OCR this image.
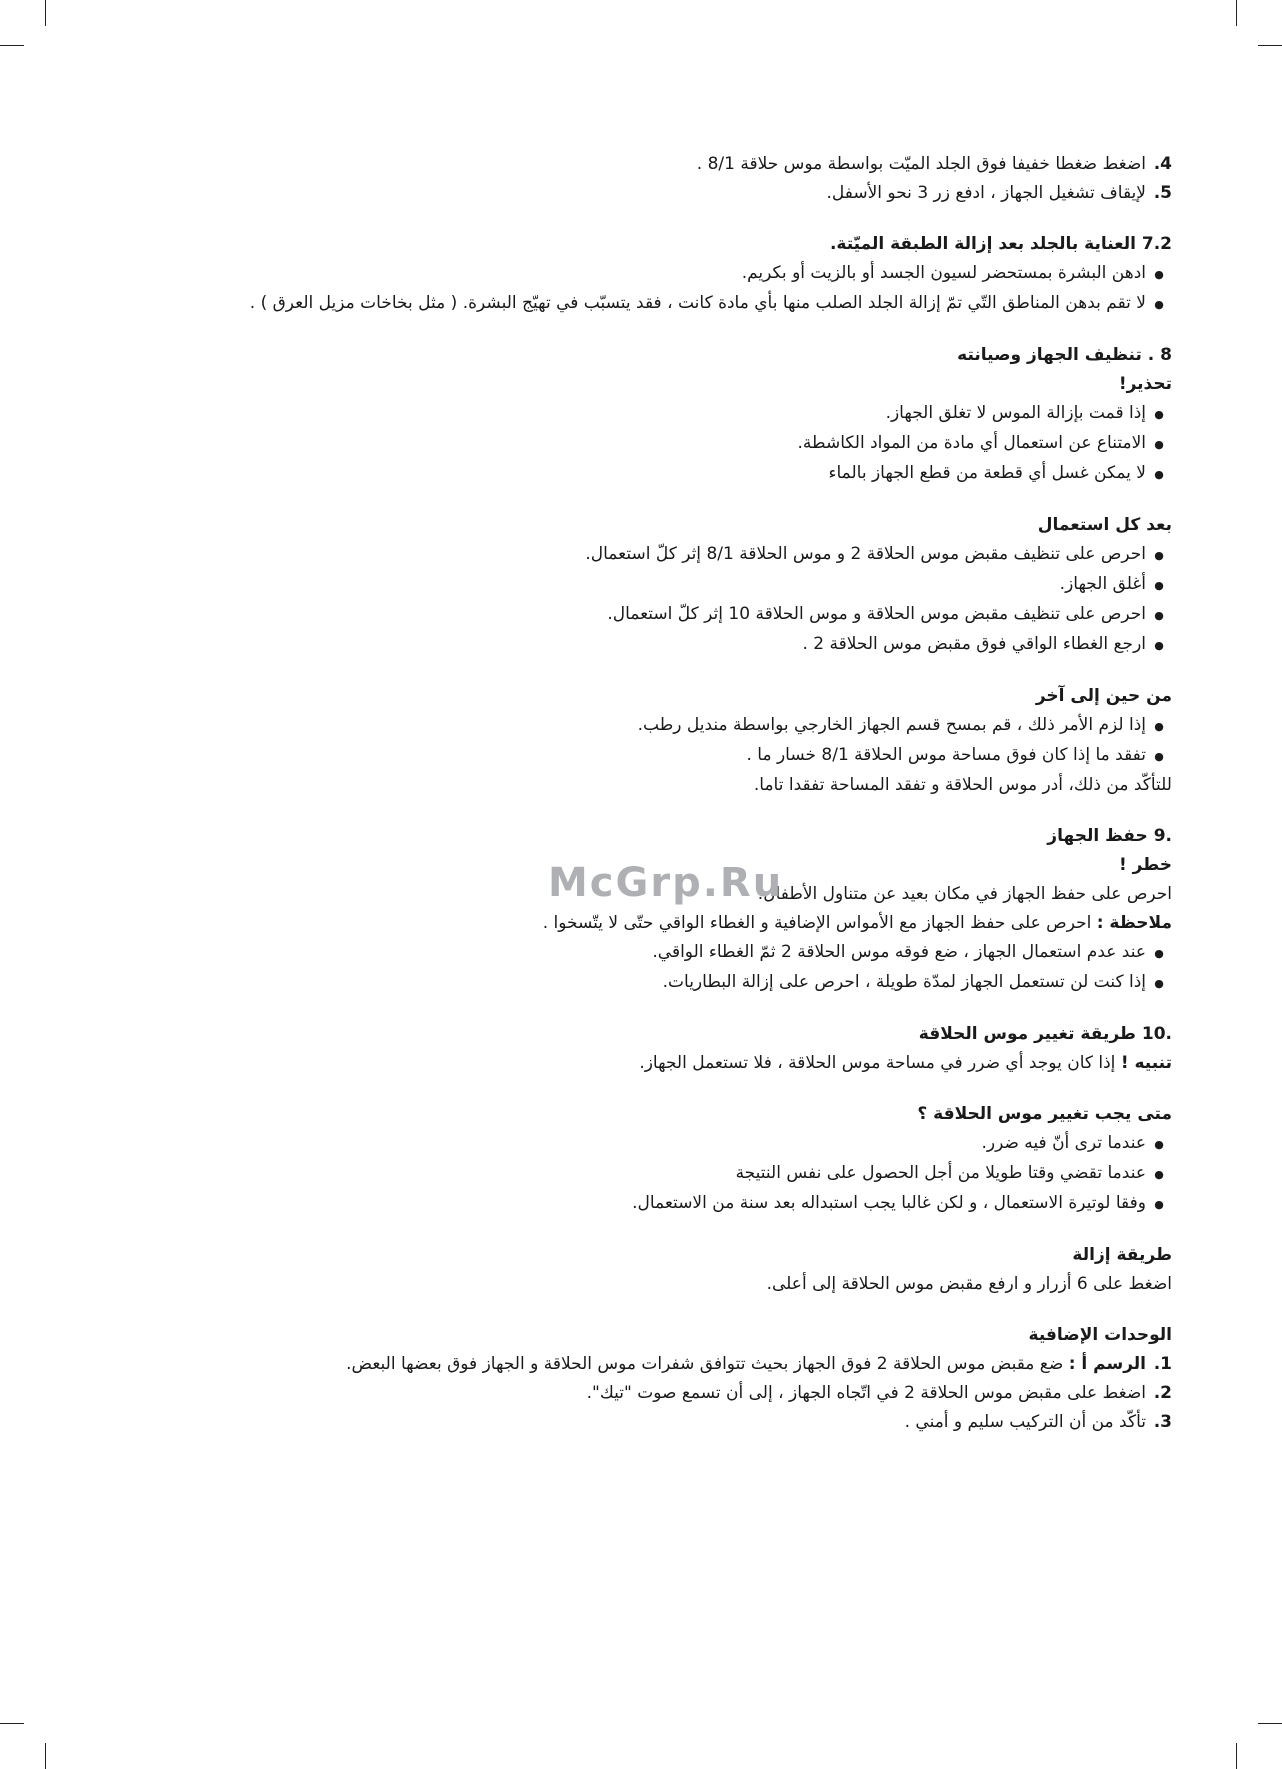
4.اضغط ضغطا خفيفا فوق الجلد الميّت بواسطة موس حلاقة 8/1 .
5.لإيقاف تشغيل الجهاز ، ادفع زر 3 نحو الأسفل.
7.2 العناية بالجلد بعد إزالة الطبقة الميّتة.
●ادهن البشرة بمستحضر لسيون الجسد أو بالزيت أو بكريم.
●لا تقم بدهن المناطق التّي تمّ إزالة الجلد الصلب منها بأي مادة كانت ، فقد يتسبّب في تهيّج البشرة. ( مثل بخاخات مزيل العرق ) .
8 . تنظيف الجهاز وصيانته
تحذير!
●إذا قمت بإزالة الموس لا تغلق الجهاز.
●الامتناع عن استعمال أي مادة من المواد الكاشطة.
●لا يمكن غسل أي قطعة من قطع الجهاز بالماء
بعد كل استعمال
●احرص على تنظيف مقبض موس الحلاقة 2 و موس الحلاقة 8/1 إثر كلّ استعمال.
●أغلق الجهاز.
●احرص على تنظيف مقبض موس الحلاقة و موس الحلاقة 10 إثر كلّ استعمال.
●ارجع الغطاء الواقي فوق مقبض موس الحلاقة 2 .
من حين إلى آخر
●إذا لزم الأمر ذلك ، قم بمسح قسم الجهاز الخارجي بواسطة منديل رطب.
●تفقد ما إذا كان فوق مساحة موس الحلاقة 8/1 خسار ما .
للتأكّد من ذلك، أدر موس الحلاقة و تفقد المساحة تفقدا تاما.
.9 حفظ الجهاز
خطر !
احرص على حفظ الجهاز في مكان بعيد عن متناول الأطفال.
ملاحظة : احرص على حفظ الجهاز مع الأمواس الإضافية و الغطاء الواقي حتّى لا يتّسخوا .
●عند عدم استعمال الجهاز ، ضع فوقه موس الحلاقة 2 ثمّ الغطاء الواقي.
●إذا كنت لن تستعمل الجهاز لمدّة طويلة ، احرص على إزالة البطاريات.
.10 طريقة تغيير موس الحلاقة
تنبيه ! إذا كان يوجد أي ضرر في مساحة موس الحلاقة ، فلا تستعمل الجهاز.
متى يجب تغيير موس الحلاقة ؟
●عندما ترى أنّ فيه ضرر.
●عندما تقضي وقتا طويلا من أجل الحصول على نفس النتيجة
●وفقا لوتيرة الاستعمال ، و لكن غالبا يجب استبداله بعد سنة من الاستعمال.
طريقة إزالة
اضغط على 6 أزرار و ارفع مقبض موس الحلاقة إلى أعلى.
الوحدات الإضافية
1.الرسم أ : ضع مقبض موس الحلاقة 2 فوق الجهاز بحيث تتوافق شفرات موس الحلاقة و الجهاز فوق بعضها البعض.
2.اضغط على مقبض موس الحلاقة 2 في اتّجاه الجهاز ، إلى أن تسمع صوت "تيك".
3.تأكّد من أن التركيب سليم و أمني .
McGrp.Ru
